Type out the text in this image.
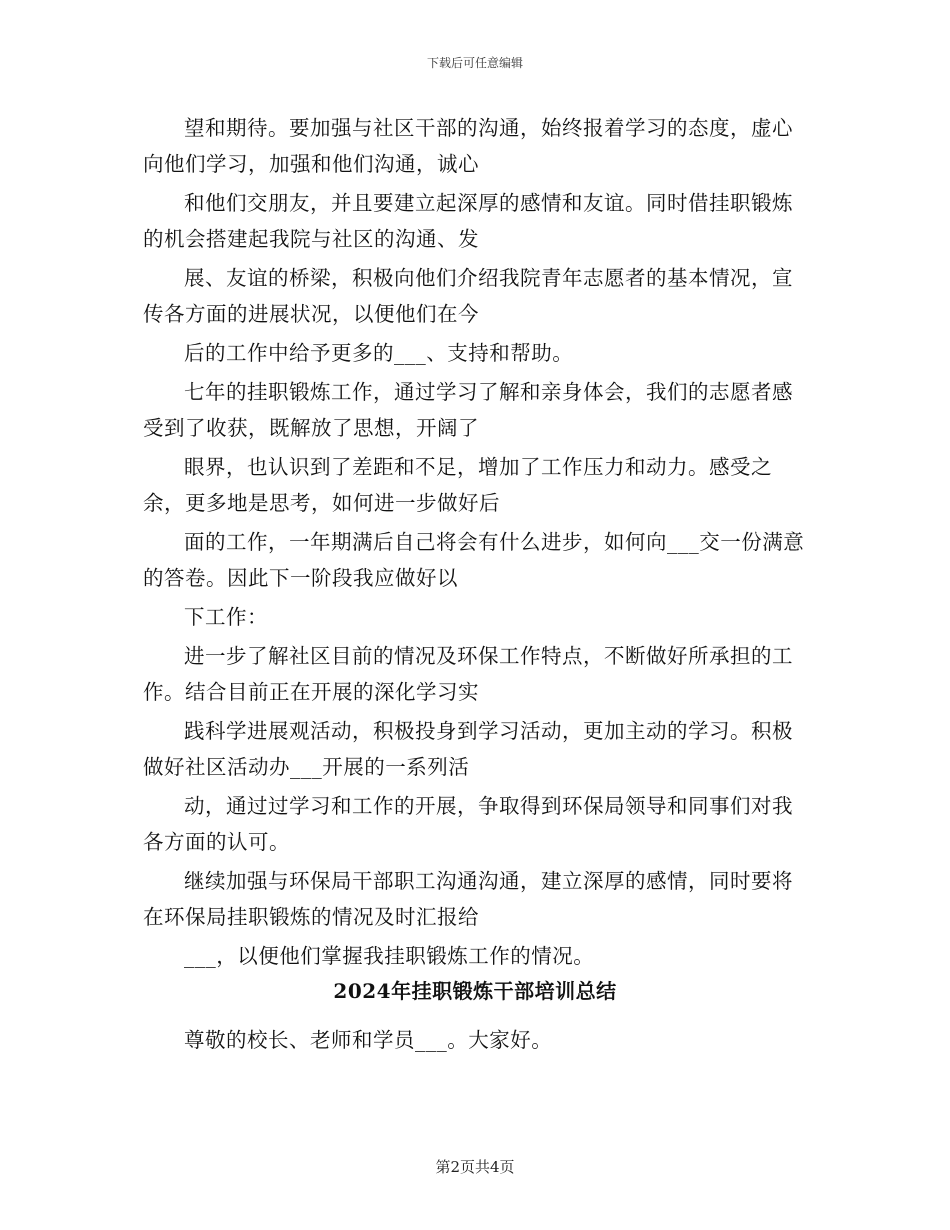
下载后可任意编辑

望和期待。要加强与社区干部的沟通，始终报着学习的态度，虚心向他们学习，加强和他们沟通，诚心

和他们交朋友，并且要建立起深厚的感情和友谊。同时借挂职锻炼的机会搭建起我院与社区的沟通、发

展、友谊的桥梁，积极向他们介绍我院青年志愿者的基本情况，宣传各方面的进展状况，以便他们在今

后的工作中给予更多的___、支持和帮助。

七年的挂职锻炼工作，通过学习了解和亲身体会，我们的志愿者感受到了收获，既解放了思想，开阔了

眼界，也认识到了差距和不足，增加了工作压力和动力。感受之余，更多地是思考，如何进一步做好后

面的工作，一年期满后自己将会有什么进步，如何向___交一份满意的答卷。因此下一阶段我应做好以

下工作：

进一步了解社区目前的情况及环保工作特点，不断做好所承担的工作。结合目前正在开展的深化学习实

践科学进展观活动，积极投身到学习活动，更加主动的学习。积极做好社区活动办___开展的一系列活

动，通过过学习和工作的开展，争取得到环保局领导和同事们对我各方面的认可。

继续加强与环保局干部职工沟通沟通，建立深厚的感情，同时要将在环保局挂职锻炼的情况及时汇报给

___，以便他们掌握我挂职锻炼工作的情况。

2024年挂职锻炼干部培训总结
尊敬的校长、老师和学员___。大家好。
第2页共4页
